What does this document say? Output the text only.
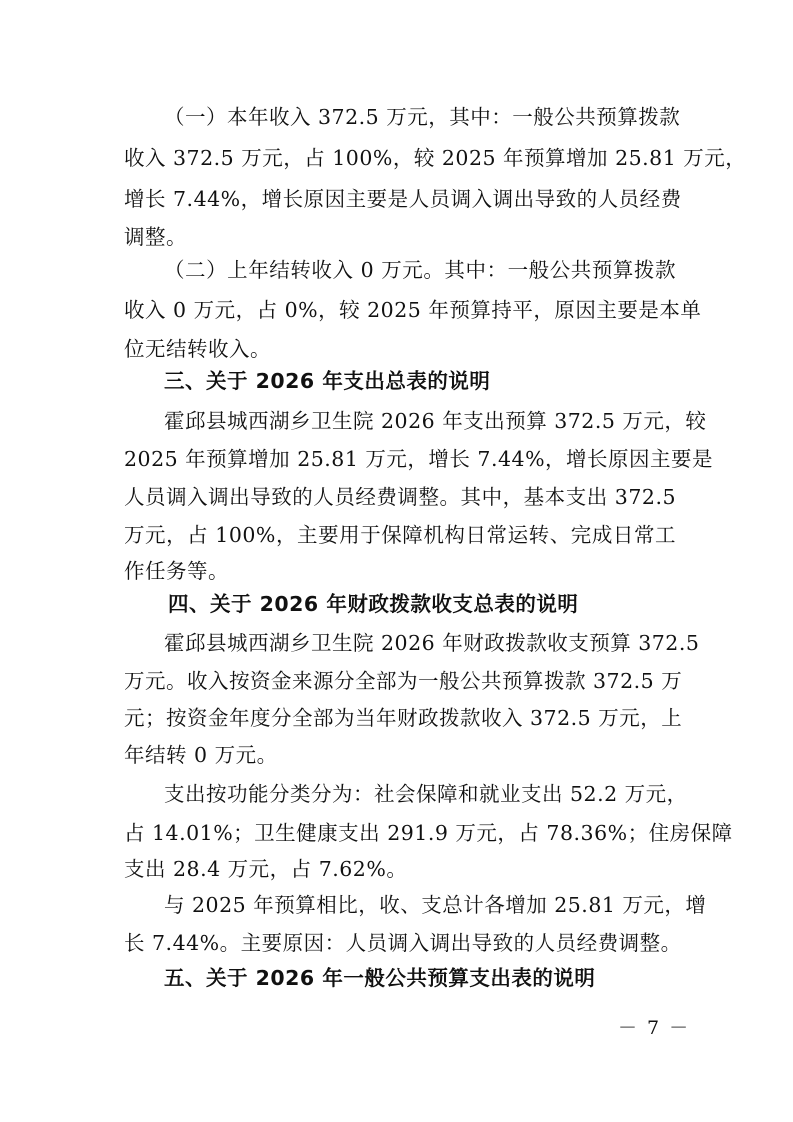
（一）本年收入 372.5 万元，其中：一般公共预算拨款
收入 372.5 万元，占 100%，较 2025 年预算增加 25.81 万元，
增长 7.44%，增长原因主要是人员调入调出导致的人员经费
调整。
（二）上年结转收入 0 万元。其中：一般公共预算拨款
收入 0 万元，占 0%，较 2025 年预算持平，原因主要是本单
位无结转收入。
三、关于 2026 年支出总表的说明
霍邱县城西湖乡卫生院 2026 年支出预算 372.5 万元，较
2025 年预算增加 25.81 万元，增长 7.44%，增长原因主要是
人员调入调出导致的人员经费调整。其中，基本支出 372.5
万元，占 100%，主要用于保障机构日常运转、完成日常工
作任务等。
四、关于 2026 年财政拨款收支总表的说明
霍邱县城西湖乡卫生院 2026 年财政拨款收支预算 372.5
万元。收入按资金来源分全部为一般公共预算拨款 372.5 万
元；按资金年度分全部为当年财政拨款收入 372.5 万元，上
年结转 0 万元。
支出按功能分类分为：社会保障和就业支出 52.2 万元，
占 14.01%；卫生健康支出 291.9 万元，占 78.36%；住房保障
支出 28.4 万元，占 7.62%。
与 2025 年预算相比，收、支总计各增加 25.81 万元，增
长 7.44%。主要原因：人员调入调出导致的人员经费调整。
五、关于 2026 年一般公共预算支出表的说明
－ 7 －
